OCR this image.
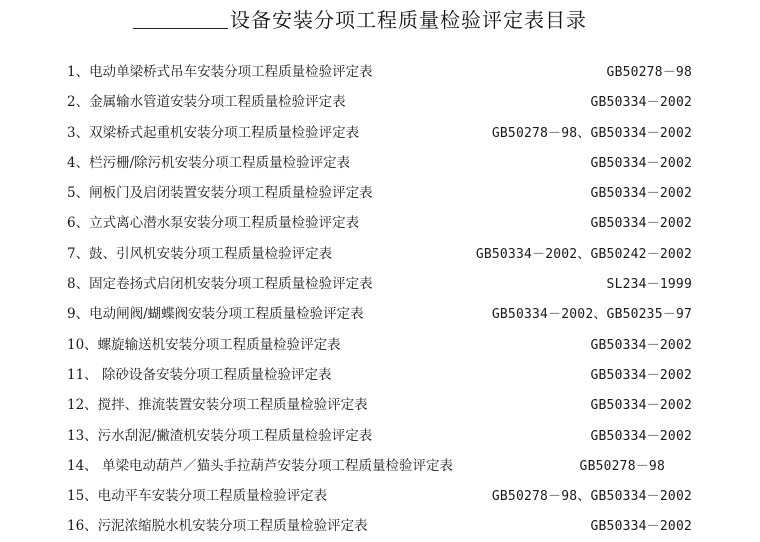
设备安装分项工程质量检验评定表目录
1、电动单梁桥式吊车安装分项工程质量检验评定表	GB50278－98
2、金属输水管道安装分项工程质量检验评定表	GB50334－2002
3、双梁桥式起重机安装分项工程质量检验评定表	GB50278－98、GB50334－2002
4、栏污栅/除污机安装分项工程质量检验评定表	GB50334－2002
5、闸板门及启闭装置安装分项工程质量检验评定表	GB50334－2002
6、立式离心潜水泵安装分项工程质量检验评定表	GB50334－2002
7、鼓、引风机安装分项工程质量检验评定表	GB50334－2002、GB50242－2002
8、固定卷扬式启闭机安装分项工程质量检验评定表	SL234－1999
9、电动闸阀/蝴蝶阀安装分项工程质量检验评定表	GB50334－2002、GB50235－97
10、螺旋输送机安装分项工程质量检验评定表	GB50334－2002
11、 除砂设备安装分项工程质量检验评定表	GB50334－2002
12、搅拌、推流装置安装分项工程质量检验评定表	GB50334－2002
13、污水刮泥/撇渣机安装分项工程质量检验评定表	GB50334－2002
14、 单梁电动葫芦／猫头手拉葫芦安装分项工程质量检验评定表	GB50278－98
15、电动平车安装分项工程质量检验评定表	GB50278－98、GB50334－2002
16、污泥浓缩脱水机安装分项工程质量检验评定表	GB50334－2002
